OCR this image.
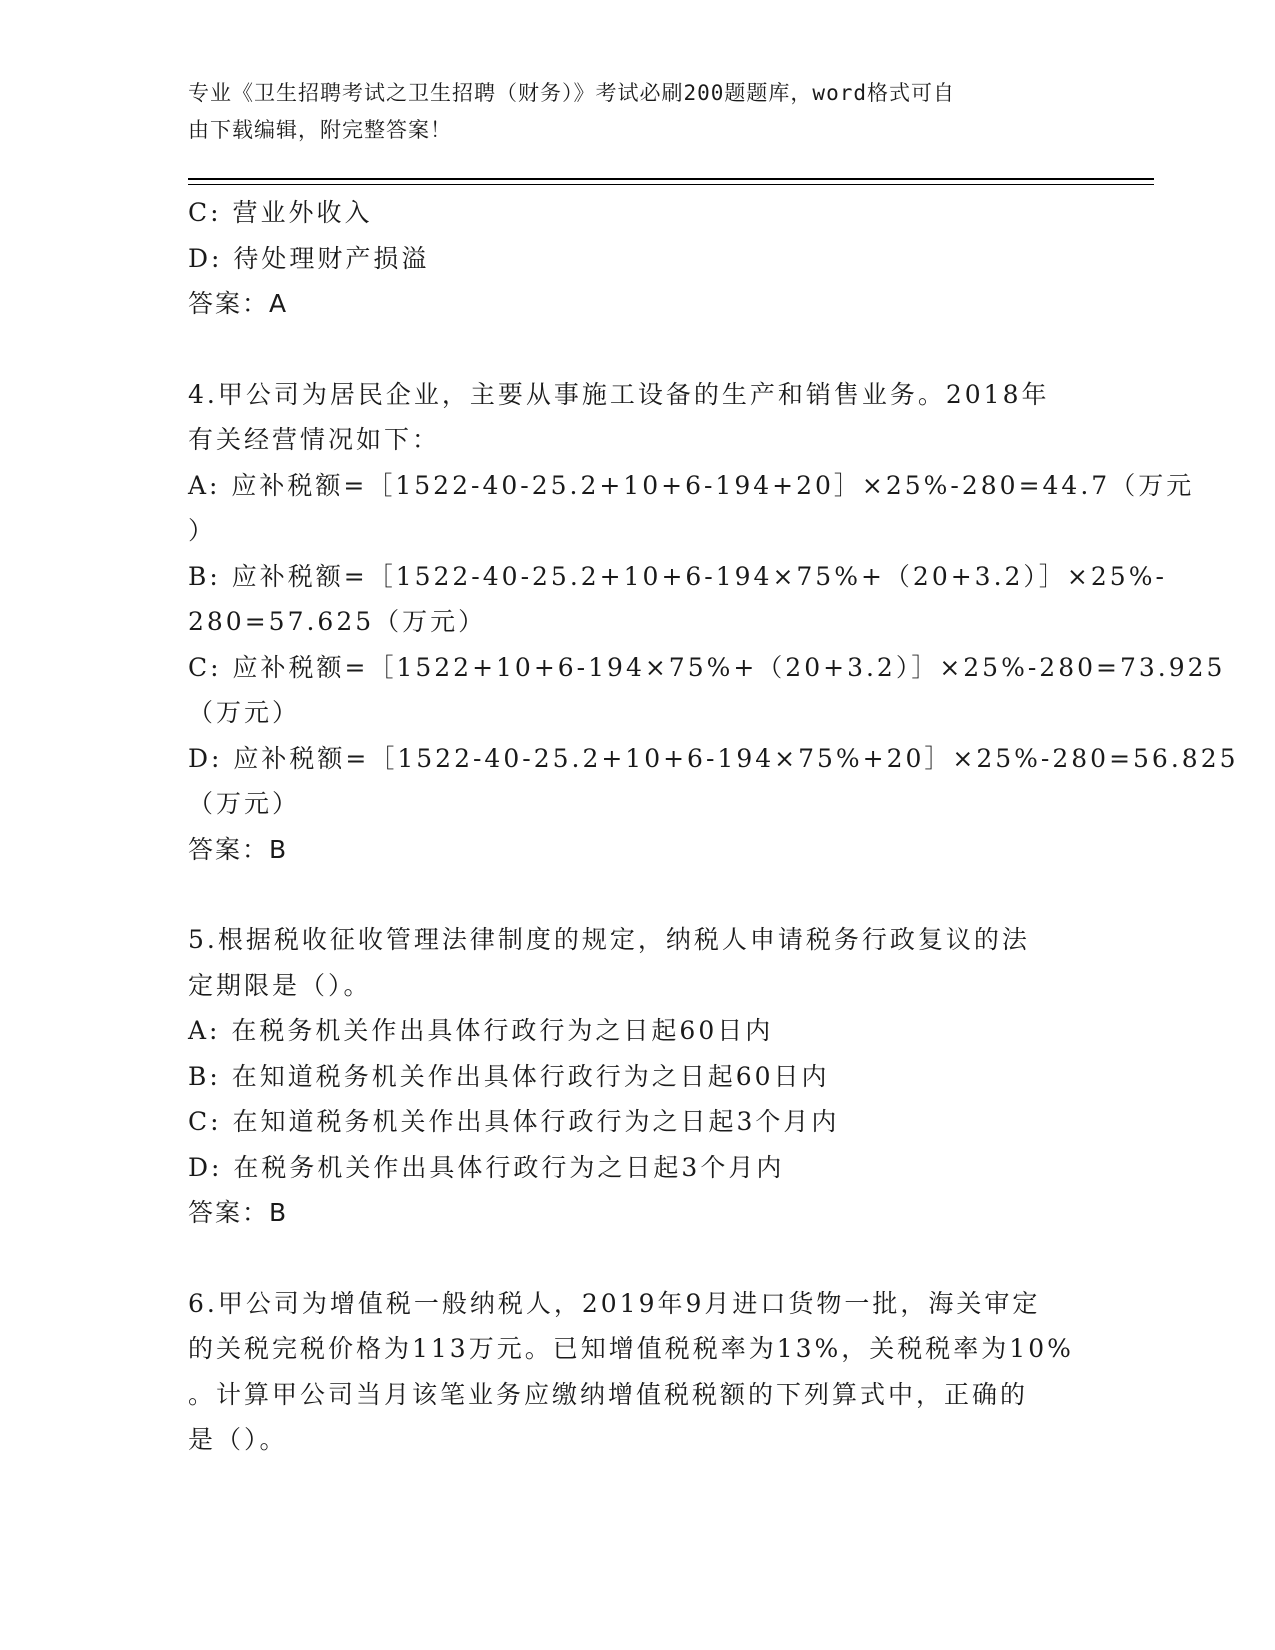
专业《卫生招聘考试之卫生招聘（财务）》考试必刷200题题库，word格式可自
由下载编辑，附完整答案！
C: 营业外收入
D: 待处理财产损溢
答案：A
4.甲公司为居民企业，主要从事施工设备的生产和销售业务。2018年
有关经营情况如下：
A: 应补税额=［1522-40-25.2+10+6-194+20］×25%-280=44.7（万元
）
B: 应补税额=［1522-40-25.2+10+6-194×75%+（20+3.2）］×25%-
280=57.625（万元）
C: 应补税额=［1522+10+6-194×75%+（20+3.2）］×25%-280=73.925
（万元）
D: 应补税额=［1522-40-25.2+10+6-194×75%+20］×25%-280=56.825
（万元）
答案：B
5.根据税收征收管理法律制度的规定，纳税人申请税务行政复议的法
定期限是（）。
A: 在税务机关作出具体行政行为之日起60日内
B: 在知道税务机关作出具体行政行为之日起60日内
C: 在知道税务机关作出具体行政行为之日起3个月内
D: 在税务机关作出具体行政行为之日起3个月内
答案：B
6.甲公司为增值税一般纳税人，2019年9月进口货物一批，海关审定
的关税完税价格为113万元。已知增值税税率为13%，关税税率为10%
。计算甲公司当月该笔业务应缴纳增值税税额的下列算式中，正确的
是（）。
